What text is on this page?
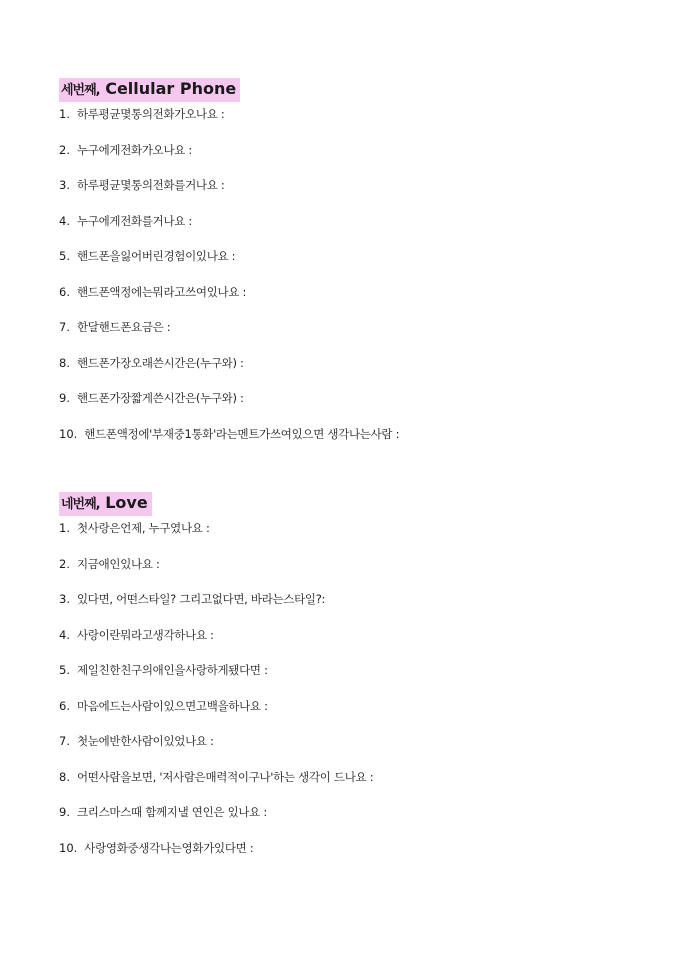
세번째, Cellular Phone
1. 하루평균몇통의전화가오나요 :
2. 누구에게전화가오나요 :
3. 하루평균몇통의전화를거나요 :
4. 누구에게전화를거나요 :
5. 핸드폰을잃어버린경험이있나요 :
6. 핸드폰액정에는뭐라고쓰여있나요 :
7. 한달핸드폰요금은 :
8. 핸드폰가장오래쓴시간은(누구와) :
9. 핸드폰가장짧게쓴시간은(누구와) :
10. 핸드폰액정에'부재중1통화'라는멘트가쓰여있으면 생각나는사람 :
네번째, Love
1. 첫사랑은언제, 누구였나요 :
2. 지금애인있나요 :
3. 있다면, 어떤스타일? 그리고없다면, 바라는스타일?:
4. 사랑이란뭐라고생각하나요 :
5. 제일친한친구의애인을사랑하게됐다면 :
6. 마음에드는사람이있으면고백을하나요 :
7. 첫눈에반한사람이있었나요 :
8. 어떤사람을보면, '저사람은매력적이구나'하는 생각이 드나요 :
9. 크리스마스때 함께지낼 연인은 있나요 :
10. 사랑영화중생각나는영화가있다면 :
